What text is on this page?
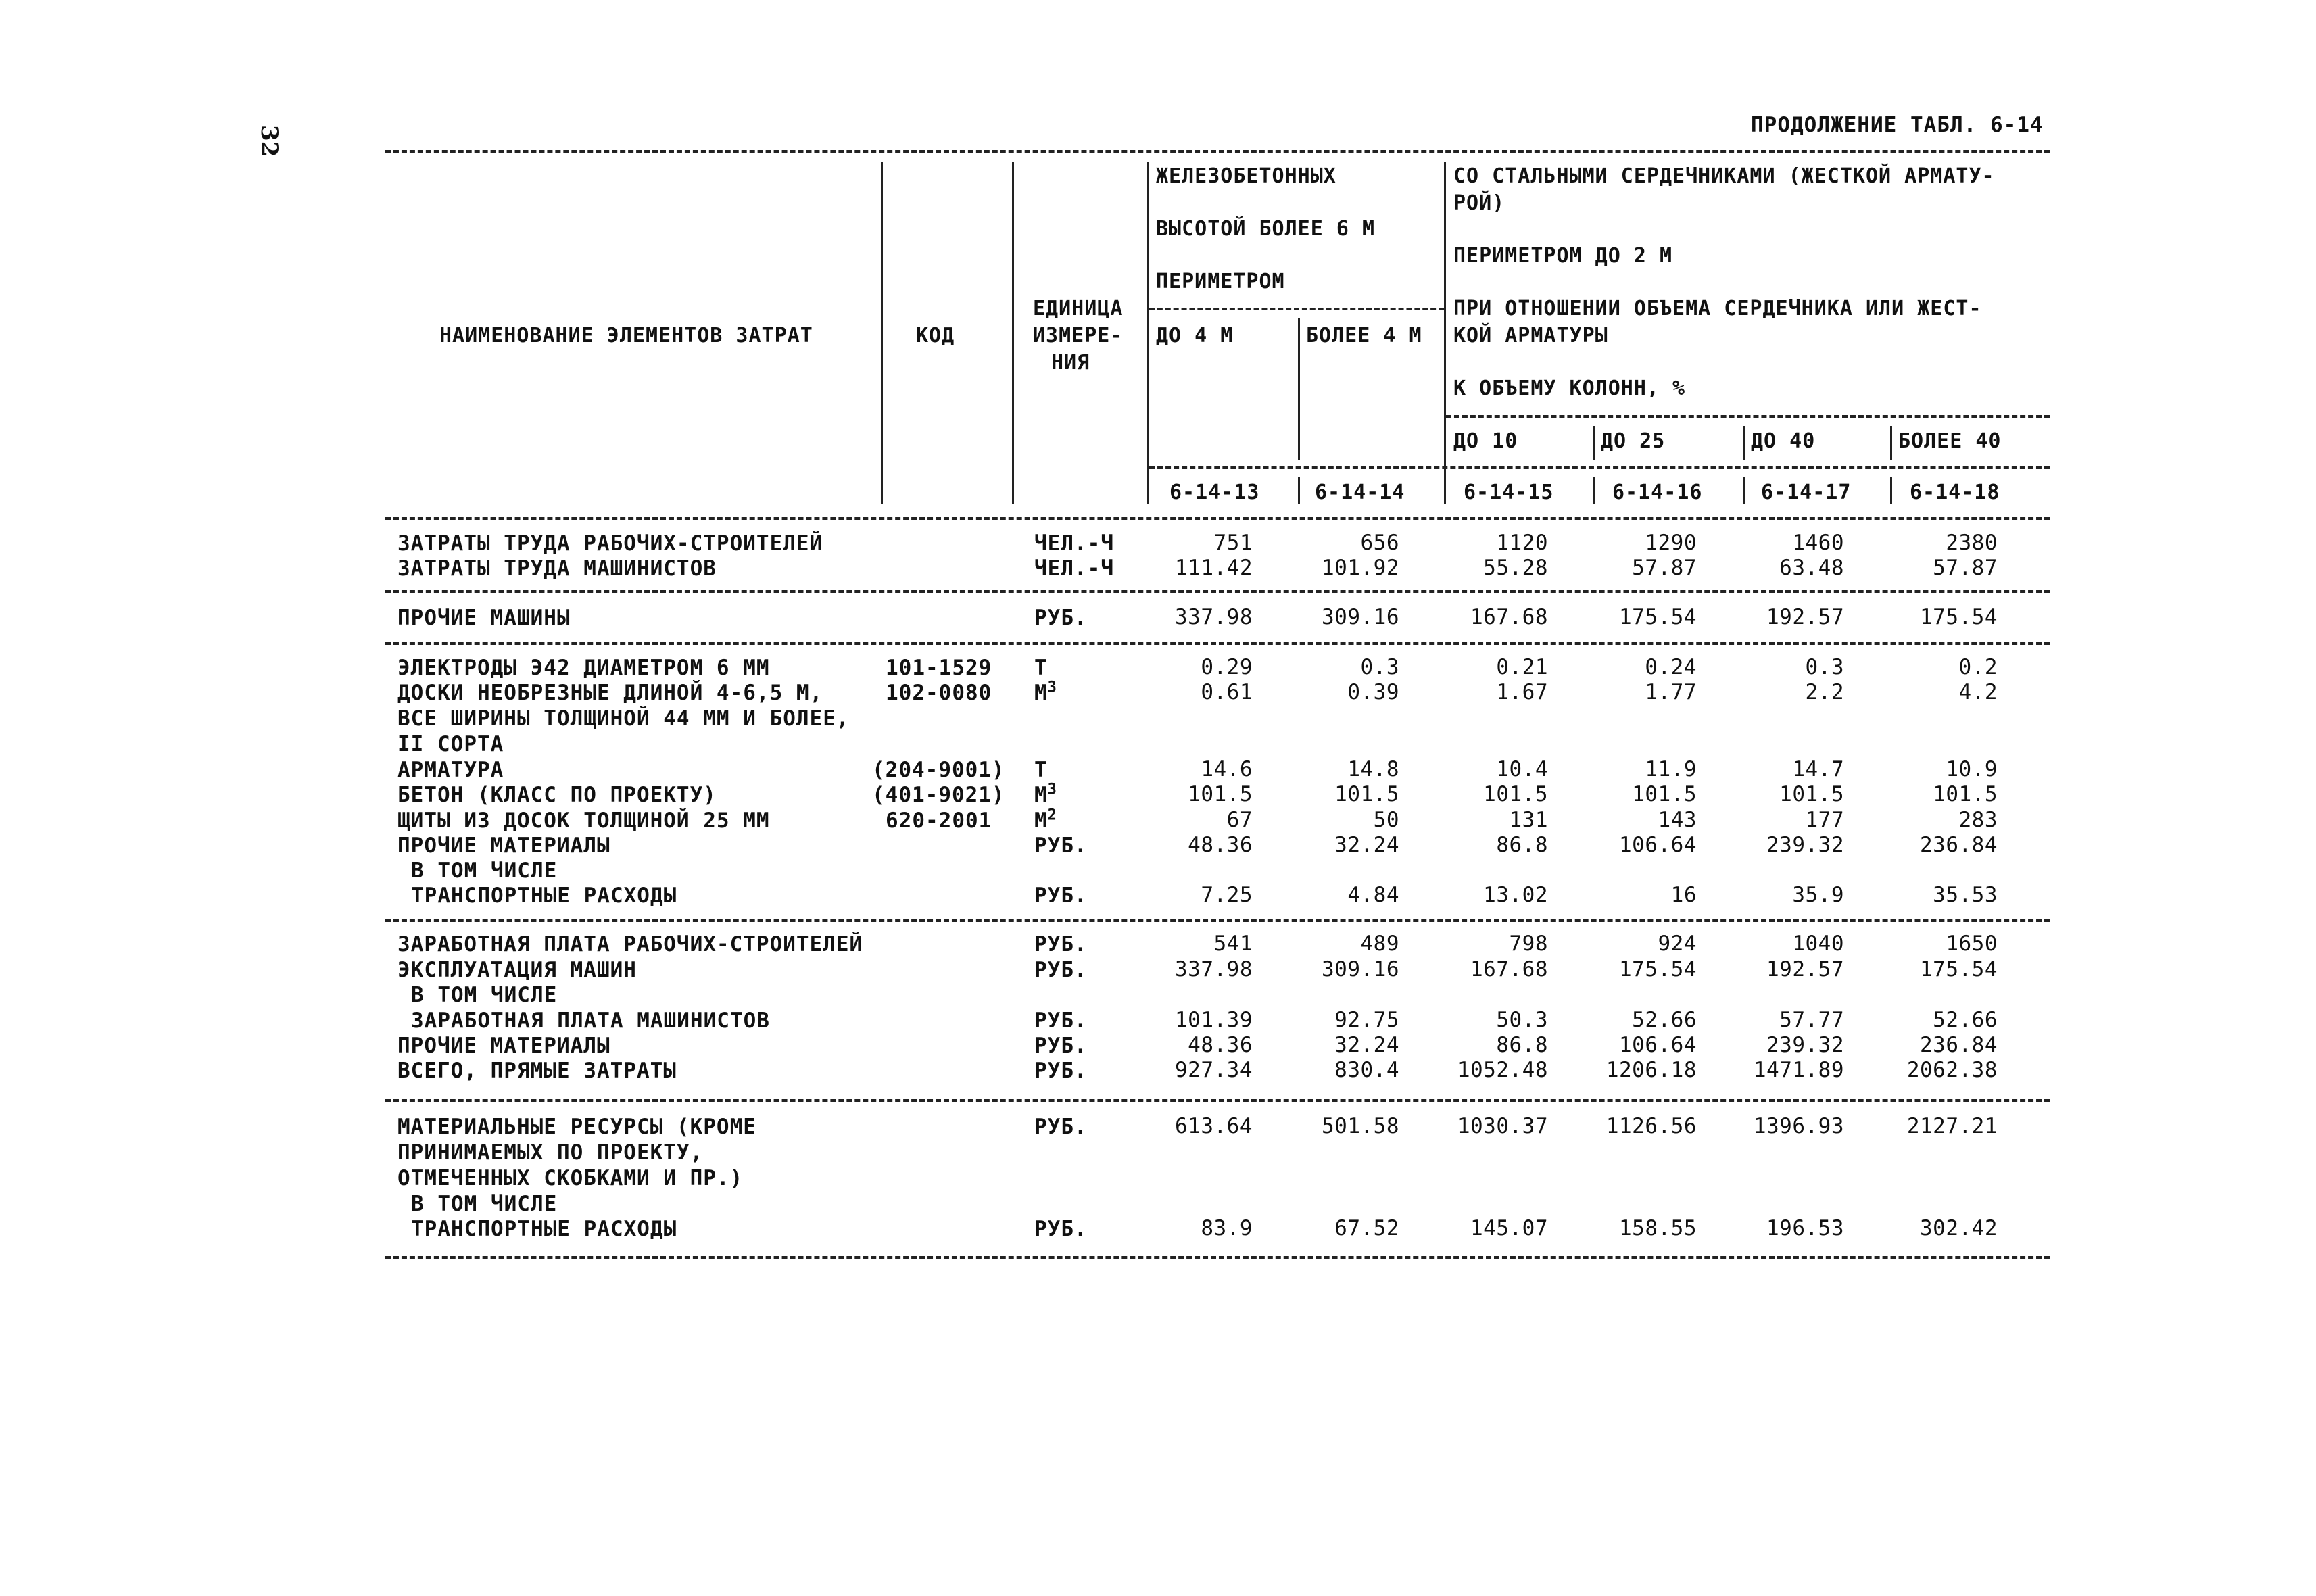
32	ПРОДОЛЖЕНИЕ ТАБЛ. 6-14
НАИМЕНОВАНИЕ ЭЛЕМЕНТОВ ЗАТРАТ	КОД
ЕДИНИЦА
ИЗМЕРЕ-
НИЯ
ЖЕЛЕЗОБЕТОННЫХ
ВЫСОТОЙ БОЛЕЕ 6 М
ПЕРИМЕТРОМ
ДО 4 М	БОЛЕЕ 4 М
СО СТАЛЬНЫМИ СЕРДЕЧНИКАМИ (ЖЕСТКОЙ АРМАТУ-
РОЙ)
ПЕРИМЕТРОМ ДО 2 М
ПРИ ОТНОШЕНИИ ОБЪЕМА СЕРДЕЧНИКА ИЛИ ЖЕСТ-
КОЙ АРМАТУРЫ
К ОБЪЕМУ КОЛОНН, %
ДО 10	ДО 25	ДО 40	БОЛЕЕ 40
6-14-13	6-14-14	6-14-15	6-14-16	6-14-17	6-14-18
ЗАТРАТЫ ТРУДА РАБОЧИХ-СТРОИТЕЛЕЙ	ЧЕЛ.-Ч	751	656	1120	1290	1460	2380
ЗАТРАТЫ ТРУДА МАШИНИСТОВ	ЧЕЛ.-Ч	111.42	101.92	55.28	57.87	63.48	57.87
ПРОЧИЕ МАШИНЫ	РУБ.	337.98	309.16	167.68	175.54	192.57	175.54
ЭЛЕКТРОДЫ Э42 ДИАМЕТРОМ 6 ММ	101-1529 Т	0.29	0.3	0.21	0.24	0.3	0.2
ДОСКИ НЕОБРЕЗНЫЕ ДЛИНОЙ 4-6,5 М,	102-0080 $М^3$	0.61	0.39	1.67	1.77	2.2	4.2
ВСЕ ШИРИНЫ ТОЛЩИНОЙ 44 ММ И БОЛЕЕ,
II СОРТА
АРМАТУРА	(204-9001) Т	14.6	14.8	10.4	11.9	14.7	10.9
БЕТОН (КЛАСС ПО ПРОЕКТУ)	(401-9021) $М^3$	101.5	101.5	101.5	101.5	101.5	101.5
ЩИТЫ ИЗ ДОСОК ТОЛЩИНОЙ 25 ММ	620-2001 $М^2$	67	50	131	143	177	283
ПРОЧИЕ МАТЕРИАЛЫ	РУБ.	48.36	32.24	86.8	106.64	239.32	236.84
В ТОМ ЧИСЛЕ
ТРАНСПОРТНЫЕ РАСХОДЫ	РУБ.	7.25	4.84	13.02	16	35.9	35.53
ЗАРАБОТНАЯ ПЛАТА РАБОЧИХ-СТРОИТЕЛЕЙ	РУБ.	541	489	798	924	1040	1650
ЭКСПЛУАТАЦИЯ МАШИН	РУБ.	337.98	309.16	167.68	175.54	192.57	175.54
В ТОМ ЧИСЛЕ
ЗАРАБОТНАЯ ПЛАТА МАШИНИСТОВ	РУБ.	101.39	92.75	50.3	52.66	57.77	52.66
ПРОЧИЕ МАТЕРИАЛЫ	РУБ.	48.36	32.24	86.8	106.64	239.32	236.84
ВСЕГО, ПРЯМЫЕ ЗАТРАТЫ	РУБ.	927.34	830.4	1052.48	1206.18	1471.89	2062.38
МАТЕРИАЛЬНЫЕ РЕСУРСЫ (КРОМЕ	РУБ.	613.64	501.58	1030.37	1126.56	1396.93	2127.21
ПРИНИМАЕМЫХ ПО ПРОЕКТУ,
ОТМЕЧЕННЫХ СКОБКАМИ И ПР.)
В ТОМ ЧИСЛЕ
ТРАНСПОРТНЫЕ РАСХОДЫ	РУБ.	83.9	67.52	145.07	158.55	196.53	302.42
